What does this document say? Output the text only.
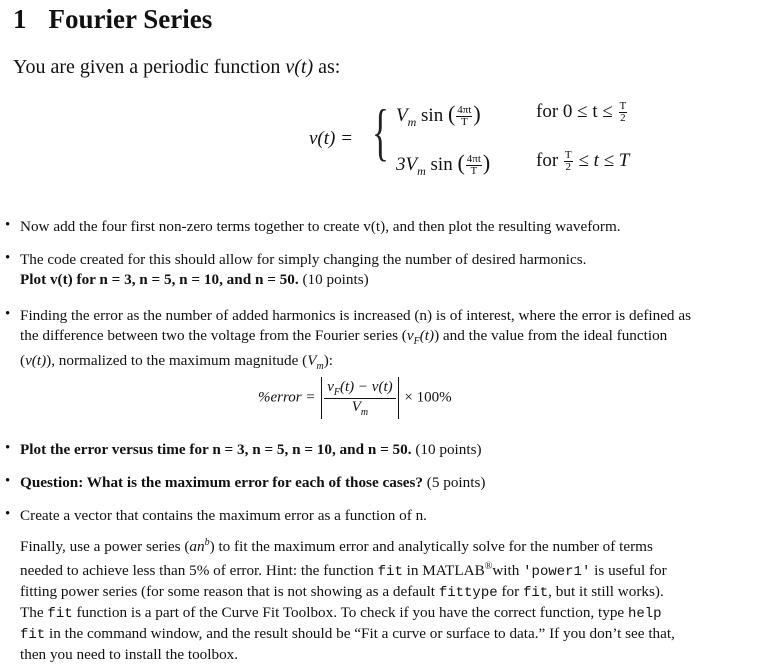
1 Fourier Series
You are given a periodic function v(t) as:
v(t) = { $V_m$ sin ( $\frac{4\pi t}{T}$ )	for $0 \le t \le \frac{T}{2}$
$3V_m$ sin ( $\frac{4\pi t}{T}$ ) for $\frac{T}{2} \le t \le T$
• Now add the four first non-zero terms together to create v(t), and then plot the resulting waveform.
• The code created for this should allow for simply changing the number of desired harmonics.
Plot v(t) for n = 3, n = 5, n = 10, and n = 50. (10 points)
• Finding the error as the number of added harmonics is increased (n) is of interest, where the error is defined as
the difference between two the voltage from the Fourier series $(v_F(t))$ and the value from the ideal function
(v(t)), normalized to the maximum magnitude $(V_m)$:
%error = $\frac{v_F(t) - v(t)}{V_m} \times 100\%$
• Plot the error versus time for n = 3, n = 5, n = 10, and n = 50. (10 points)
• Question: What is the maximum error for each of those cases? (5 points)
• Create a vector that contains the maximum error as a function of n.
Finally, use a power series $(an^b)$ to fit the maximum error and analytically solve for the number of terms
needed to achieve less than 5% of error. Hint: the function fit in MATLAB®with 'power1' is useful for
fitting power series (for some reason that is not showing as a default fittype for fit, but it still works).
The fit function is a part of the Curve Fit Toolbox. To check if you have the correct function, type help
fit in the command window, and the result should be “Fit a curve or surface to data.” If you don’t see that,
then you need to install the toolbox.
